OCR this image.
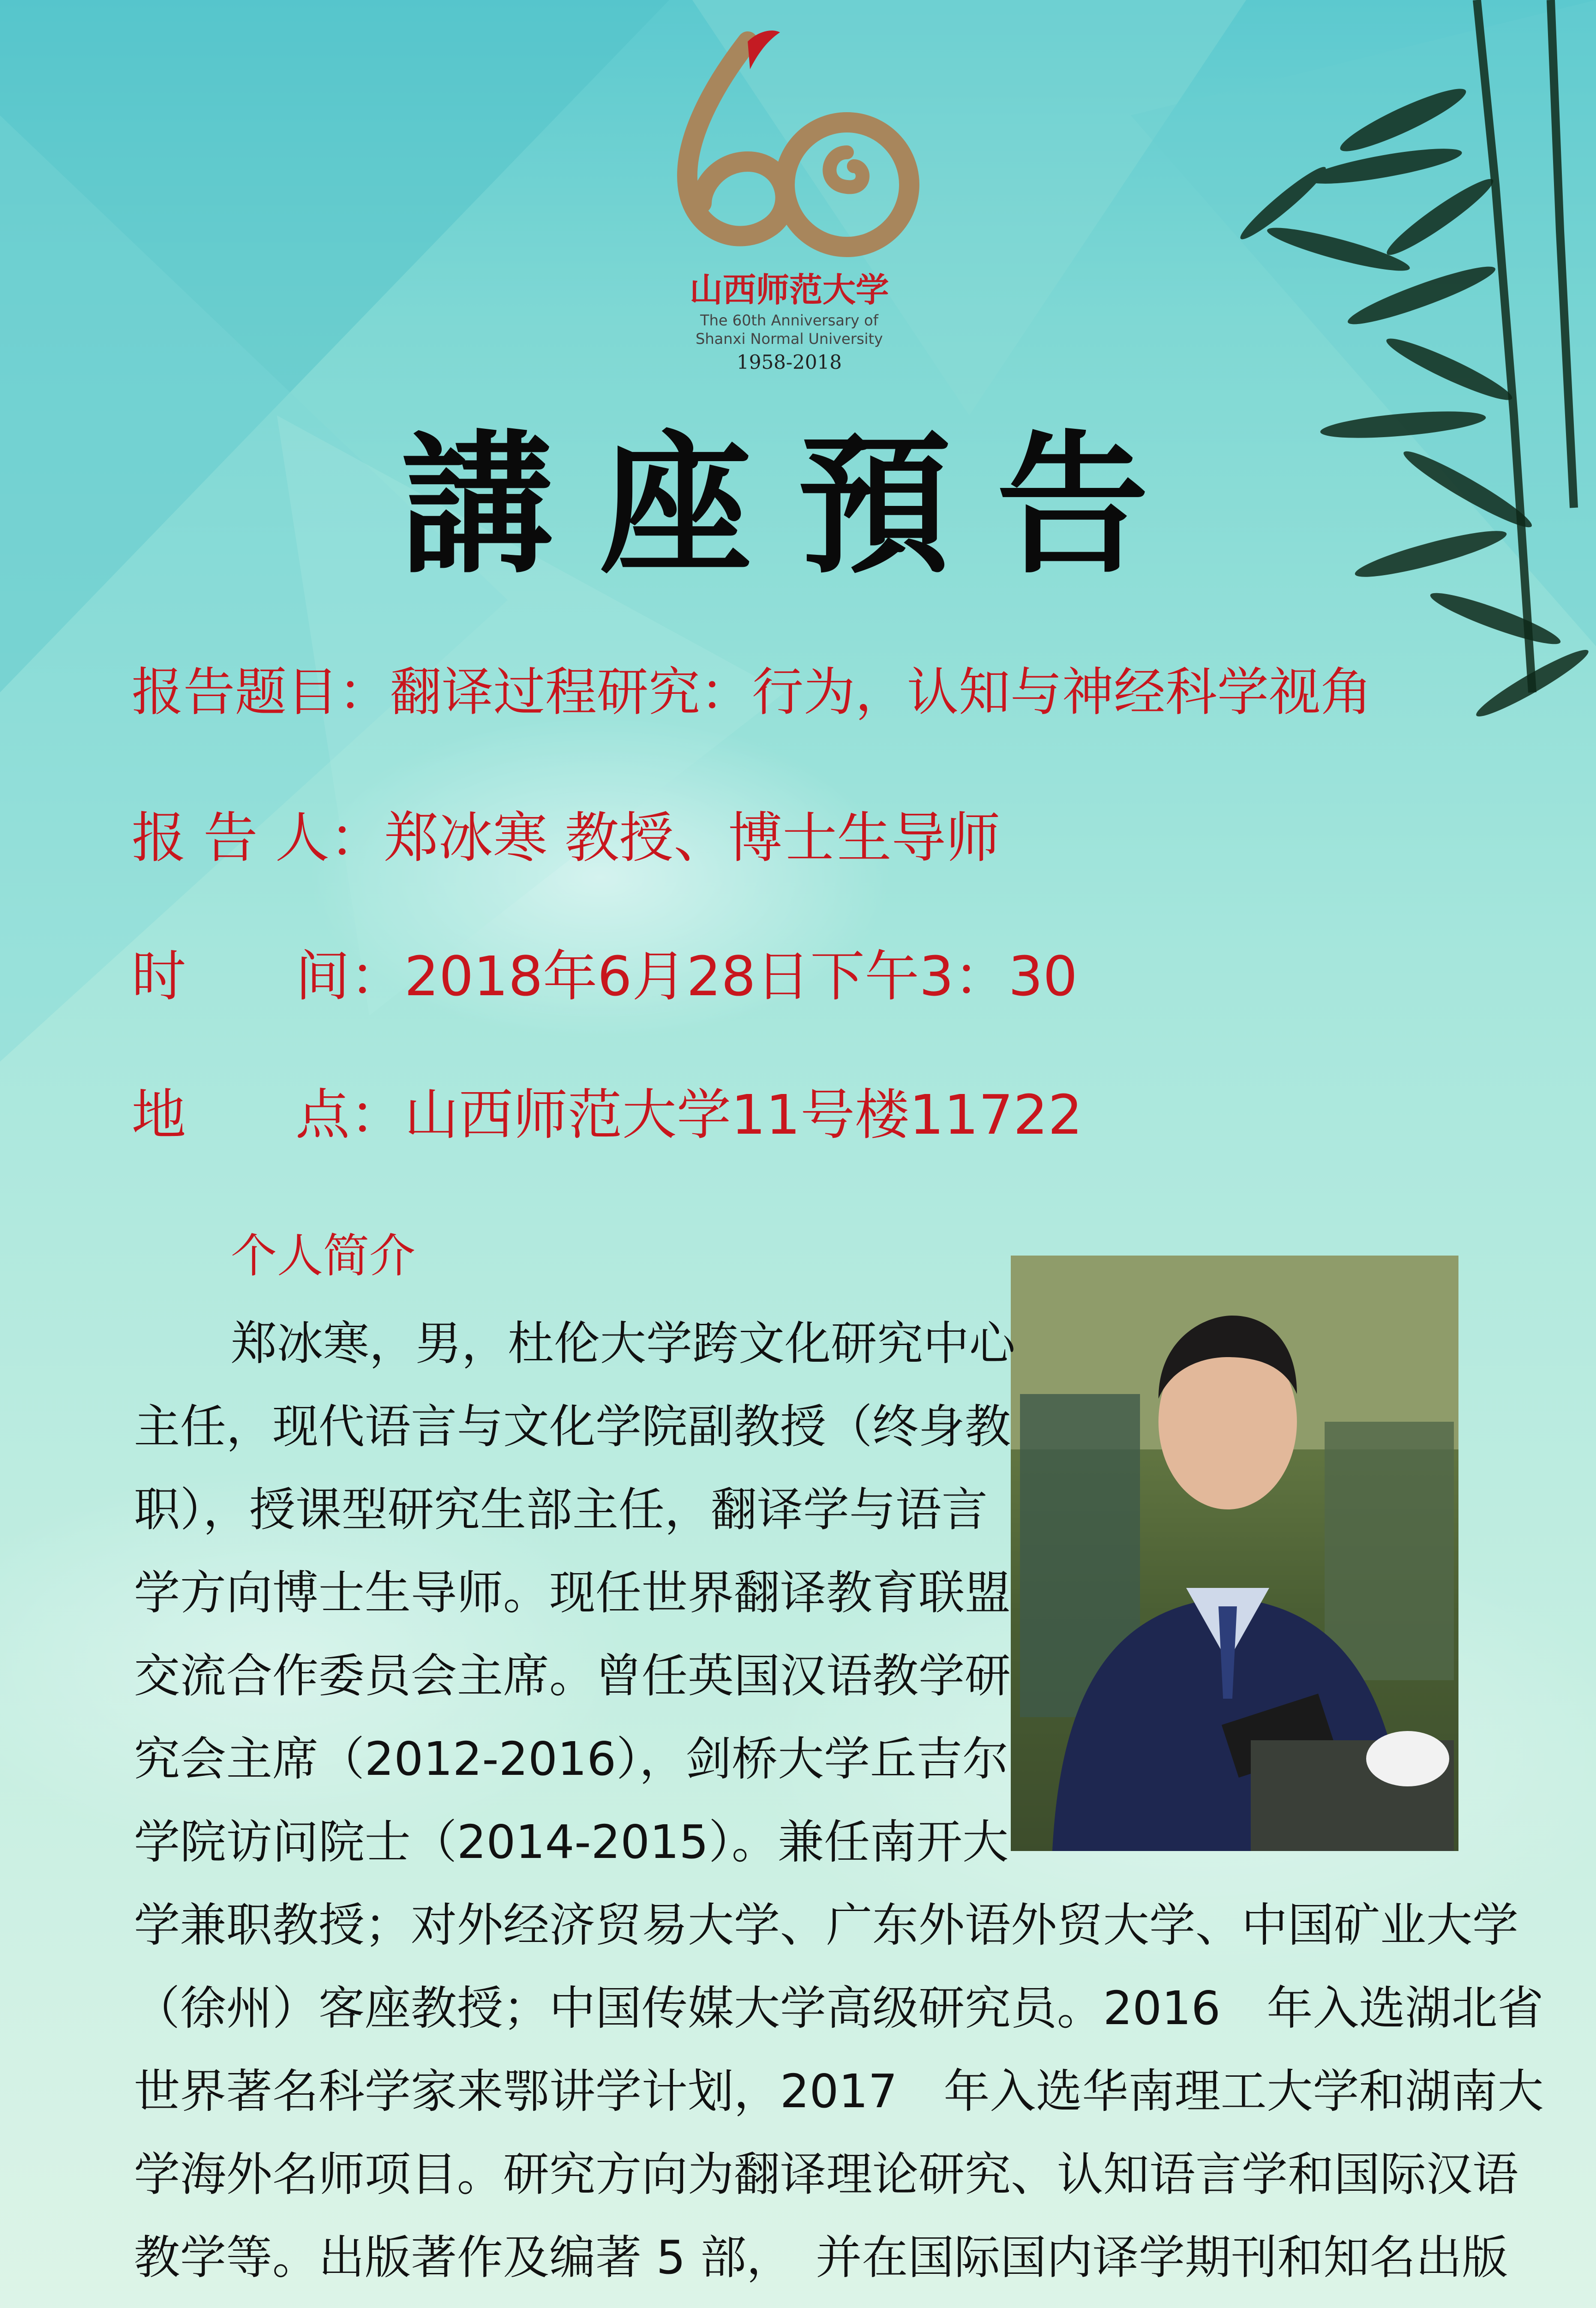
山西师范大学
The 60th Anniversary of
Shanxi Normal University
1958-2018
講座預告
报告题目：翻译过程研究：行为，认知与神经科学视角
报 告 人：郑冰寒 教授、博士生导师
时 间：2018年6月28日下午3：30
地 点：山西师范大学11号楼11722
个人简介
郑冰寒，男，杜伦大学跨文化研究中心
主任，现代语言与文化学院副教授（终身教
职），授课型研究生部主任，翻译学与语言
学方向博士生导师。现任世界翻译教育联盟
交流合作委员会主席。曾任英国汉语教学研
究会主席（2012-2016），剑桥大学丘吉尔
学院访问院士（2014-2015）。兼任南开大
学兼职教授；对外经济贸易大学、广东外语外贸大学、中国矿业大学
（徐州）客座教授；中国传媒大学高级研究员。2016　年入选湖北省
世界著名科学家来鄂讲学计划，2017　年入选华南理工大学和湖南大
学海外名师项目。研究方向为翻译理论研究、认知语言学和国际汉语
教学等。出版著作及编著 5 部，　并在国际国内译学期刊和知名出版
